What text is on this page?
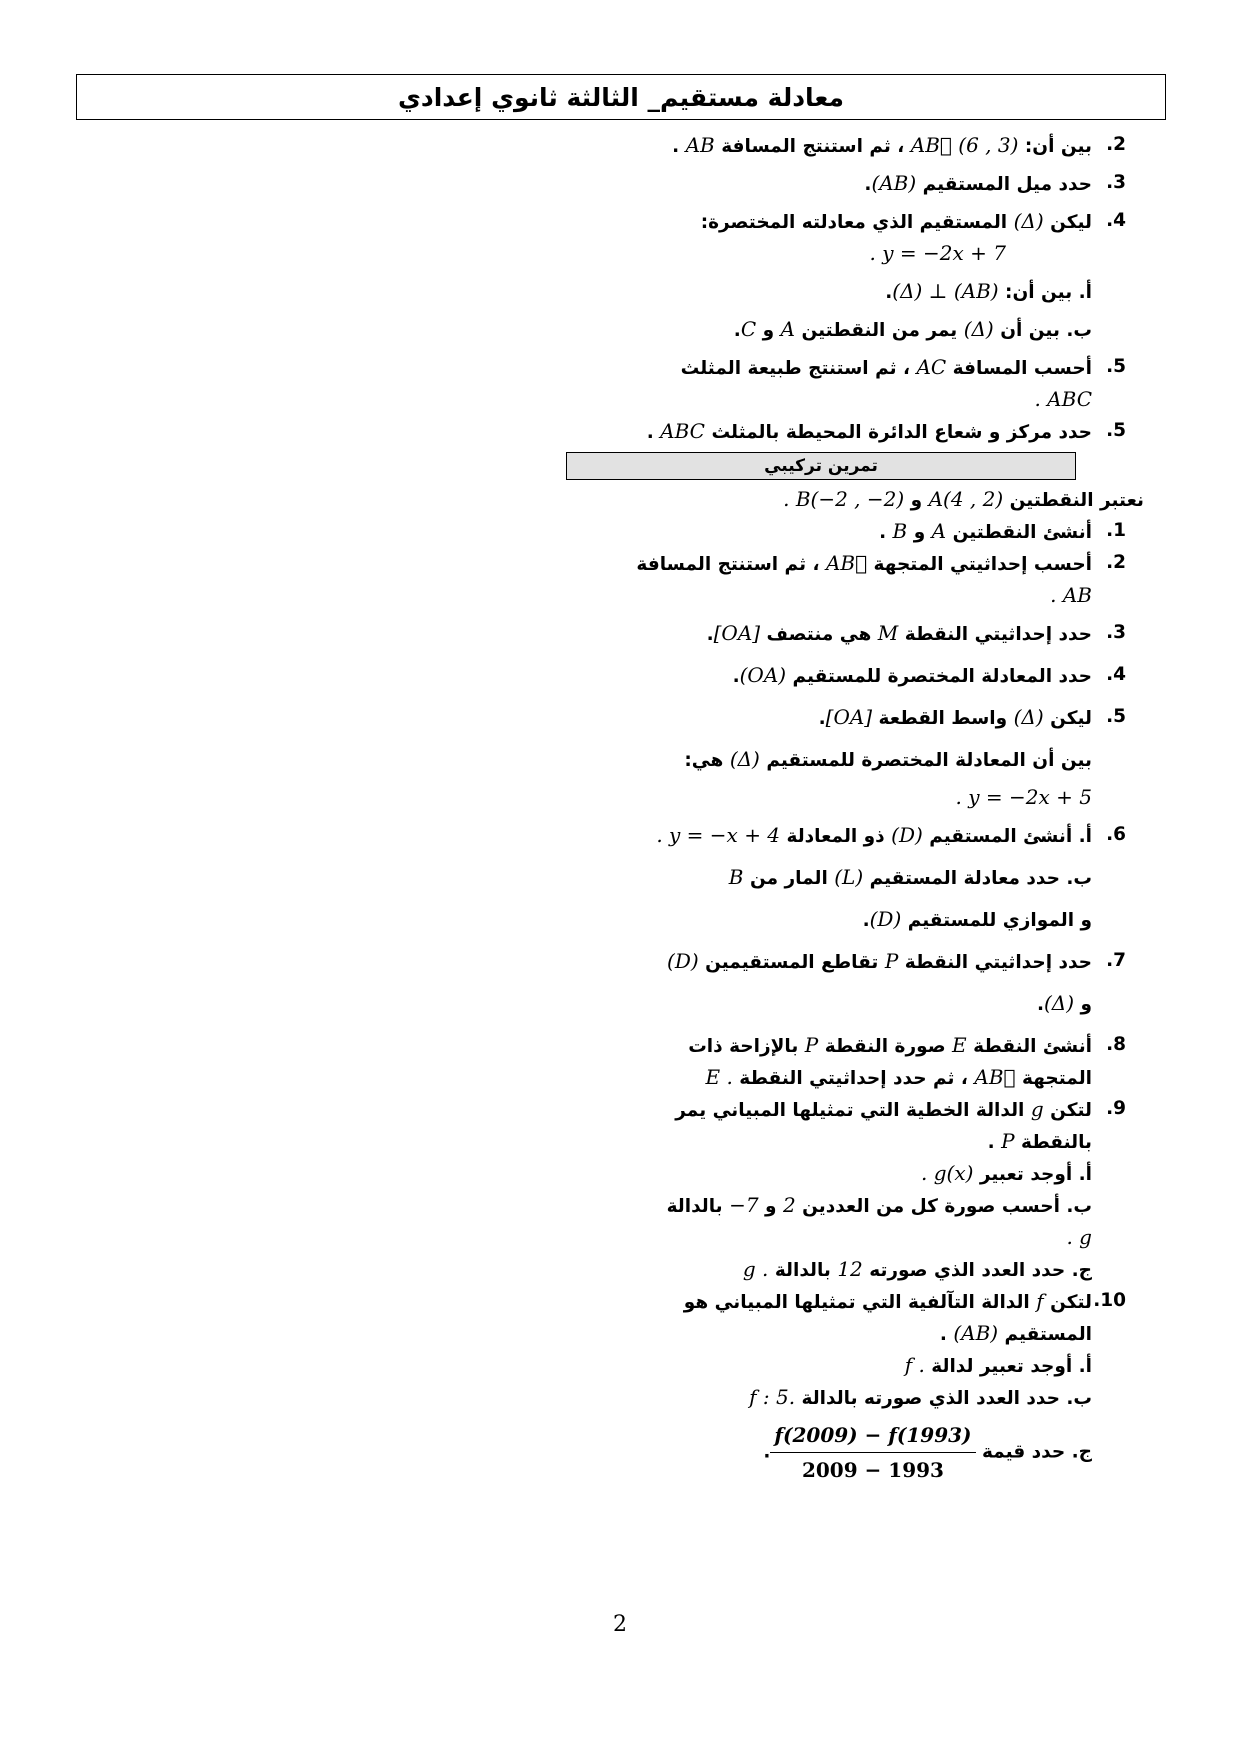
معادلة مستقيم_ الثالثة ثانوي إعدادي
2.
بين أن: AB⃗ (6 , 3) ، ثم استنتج المسافة AB .
3.
حدد ميل المستقيم (AB).
4.
ليكن (Δ) المستقيم الذي معادلته المختصرة:
. y = −2x + 7
أ. بين أن: (Δ) ⊥ (AB).
ب. بين أن (Δ) يمر من النقطتين A و C.
5.
أحسب المسافة AC ، ثم استنتج طبيعة المثلث
. ABC
5.
حدد مركز و شعاع الدائرة المحيطة بالمثلث ABC .
تمرين تركيبي
نعتبر النقطتين A(4 , 2) و . B(−2 , −2)
1.
أنشئ النقطتين A و B .
2.
أحسب إحداثيتي المتجهة AB⃗ ، ثم استنتج المسافة
. AB
3.
حدد إحداثيتي النقطة M هي منتصف [OA].
4.
حدد المعادلة المختصرة للمستقيم (OA).
5.
ليكن (Δ) واسط القطعة [OA].
بين أن المعادلة المختصرة للمستقيم (Δ) هي:
. y = −2x + 5
6.
أ. أنشئ المستقيم (D) ذو المعادلة . y = −x + 4
ب. حدد معادلة المستقيم (L) المار من B
و الموازي للمستقيم (D).
7.
حدد إحداثيتي النقطة P تقاطع المستقيمين (D)
و (Δ).
8.
أنشئ النقطة E صورة النقطة P بالإزاحة ذات
المتجهة AB⃗ ، ثم حدد إحداثيتي النقطة E .
9.
لتكن g الدالة الخطية التي تمثيلها المبياني يمر
بالنقطة P .
أ. أوجد تعبير . g(x)
ب. أحسب صورة كل من العددين 2 و −7 بالدالة
. g
ج. حدد العدد الذي صورته 12 بالدالة g .
10.
لتكن f الدالة التآلفية التي تمثيلها المبياني هو
المستقيم (AB) .
أ. أوجد تعبير لدالة f .
ب. حدد العدد الذي صورته بالدالة f : 5.
ج. حدد قيمة
$\frac{f(2009) - f(1993)}{2009 - 1993}$
.
2
